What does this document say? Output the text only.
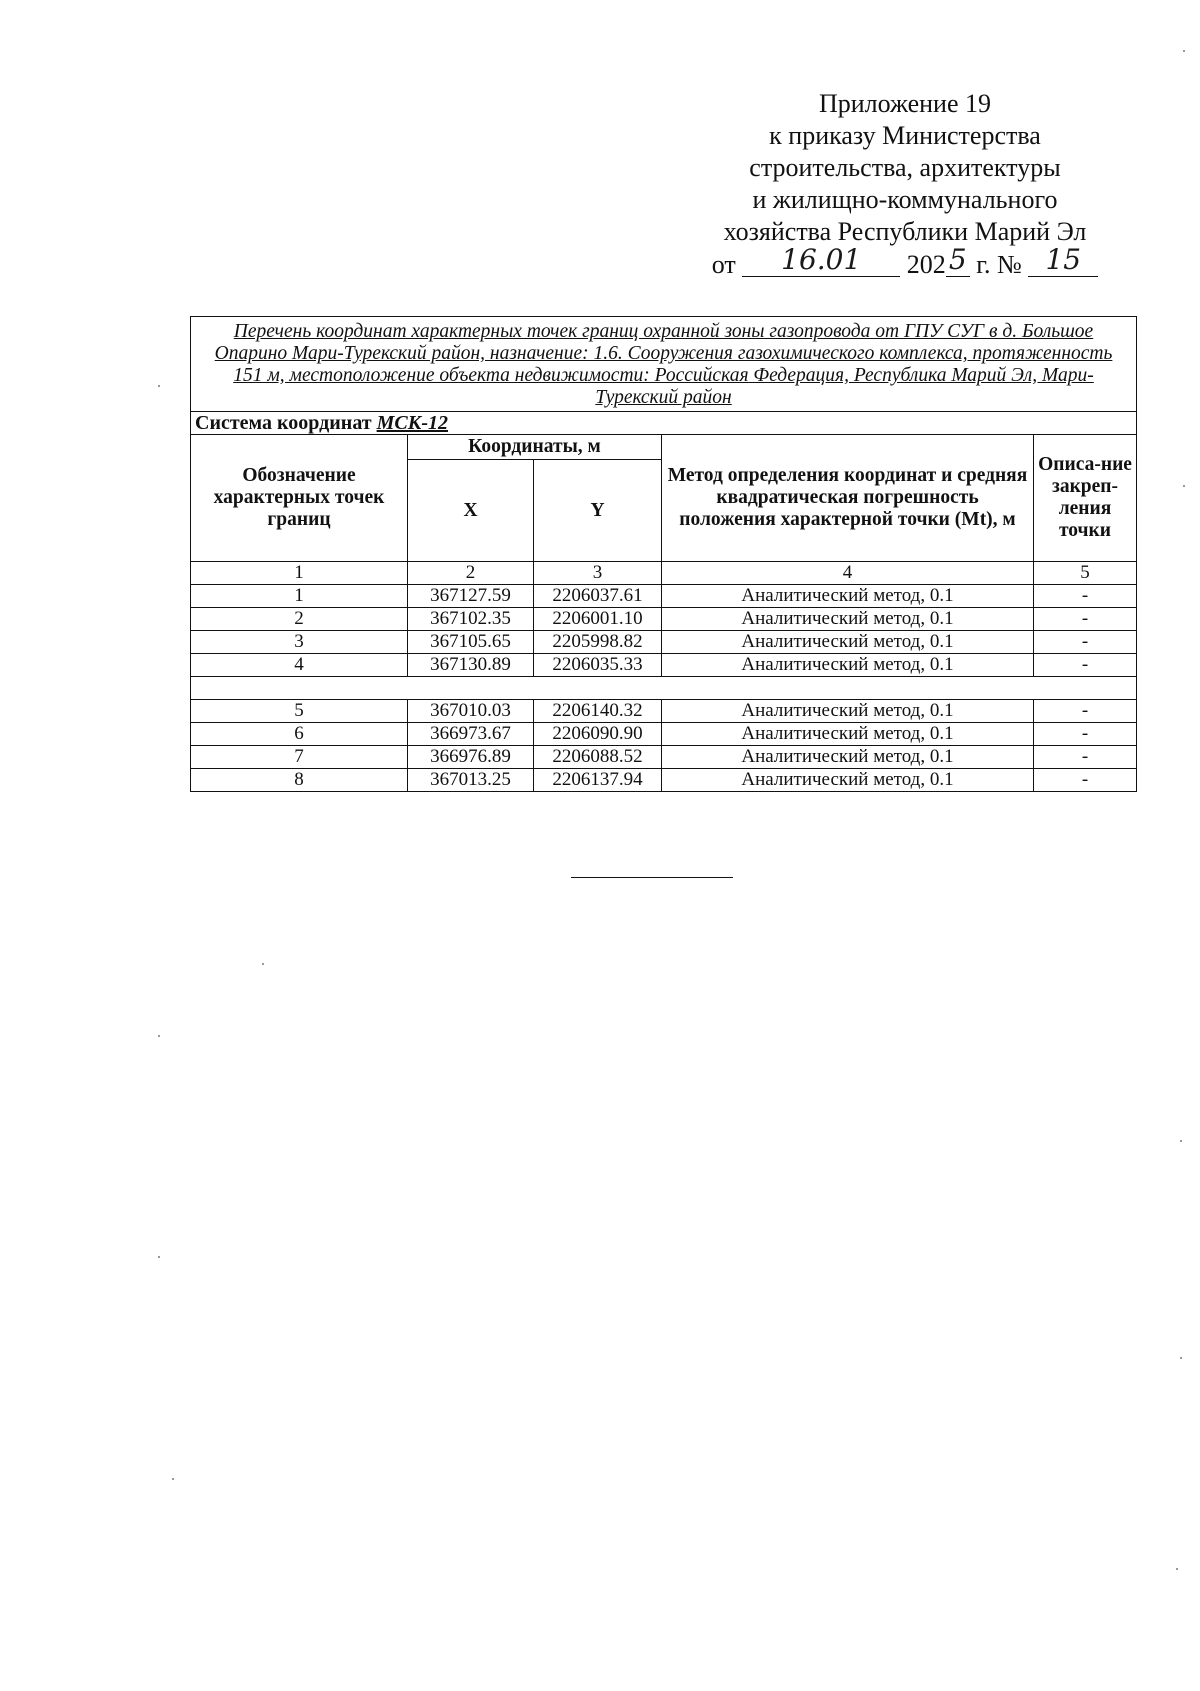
Приложение 19
к приказу Министерства
строительства, архитектуры
и жилищно-коммунального
хозяйства Республики Марий Эл
от 16.01 202 5 г. № 15
Перечень координат характерных точек границ охранной зоны газопровода от ГПУ СУГ в д. Большое Опарино Мари-Турекский район, назначение: 1.6. Сооружения газохимического комплекса, протяженность 151 м, местоположение объекта недвижимости: Российская Федерация, Республика Марий Эл, Мари-Турекский район				
Система координат МСК-12				
Обозначение характерных точек границ	Координаты, м		Метод определения координат и средняя квадратическая погрешность положения характерной точки (Mt), м	Описа-ние закреп-ления точки
	X	Y		
1	2	3	4	5
1	367127.59	2206037.61	Аналитический метод, 0.1	-
2	367102.35	2206001.10	Аналитический метод, 0.1	-
3	367105.65	2205998.82	Аналитический метод, 0.1	-
4	367130.89	2206035.33	Аналитический метод, 0.1	-

5	367010.03	2206140.32	Аналитический метод, 0.1	-
6	366973.67	2206090.90	Аналитический метод, 0.1	-
7	366976.89	2206088.52	Аналитический метод, 0.1	-
8	367013.25	2206137.94	Аналитический метод, 0.1	-
